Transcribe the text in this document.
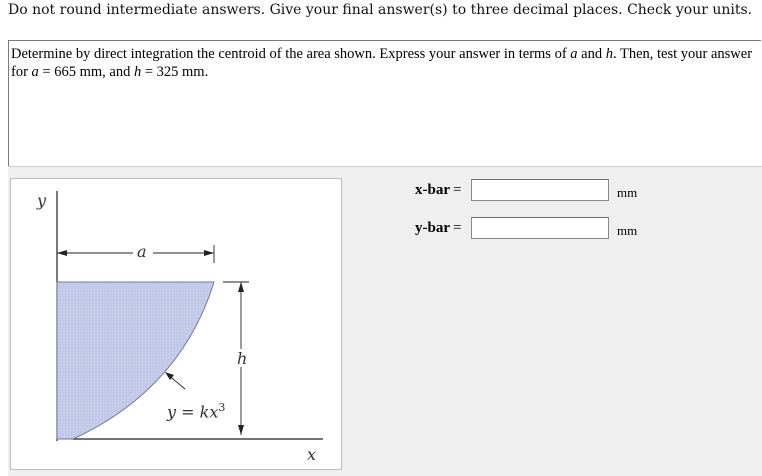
Do not round intermediate answers. Give your final answer(s) to three decimal places. Check your units.
Determine by direct integration the centroid of the area shown. Express your answer in terms of a and h. Then, test your answer for a = 665 mm, and h = 325 mm.
y
x
a
h
$y = kx^3$
x-bar =	mm
y-bar =	mm
